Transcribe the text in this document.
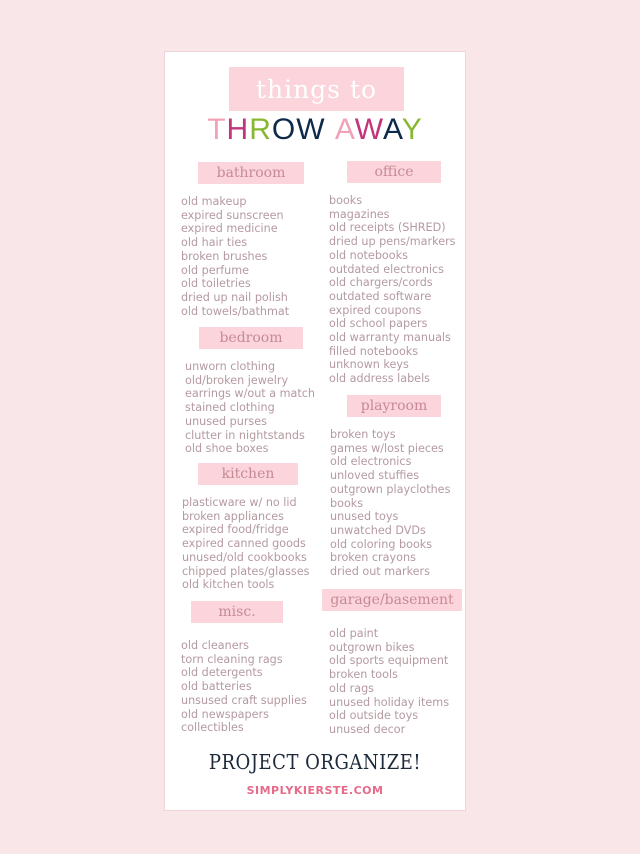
things to
THROW AWAY
bathroom
old makeup
expired sunscreen
expired medicine
old hair ties
broken brushes
old perfume
old toiletries
dried up nail polish
old towels/bathmat
bedroom
unworn clothing
old/broken jewelry
earrings w/out a match
stained clothing
unused purses
clutter in nightstands
old shoe boxes
kitchen
plasticware w/ no lid
broken appliances
expired food/fridge
expired canned goods
unused/old cookbooks
chipped plates/glasses
old kitchen tools
misc.
old cleaners
torn cleaning rags
old detergents
old batteries
unsused craft supplies
old newspapers
collectibles
office
books
magazines
old receipts (SHRED)
dried up pens/markers
old notebooks
outdated electronics
old chargers/cords
outdated software
expired coupons
old school papers
old warranty manuals
filled notebooks
unknown keys
old address labels
playroom
broken toys
games w/lost pieces
old electronics
unloved stuffies
outgrown playclothes
books
unused toys
unwatched DVDs
old coloring books
broken crayons
dried out markers
garage/basement
old paint
outgrown bikes
old sports equipment
broken tools
old rags
unused holiday items
old outside toys
unused decor
PROJECT ORGANIZE!
SIMPLYKIERSTE.COM
